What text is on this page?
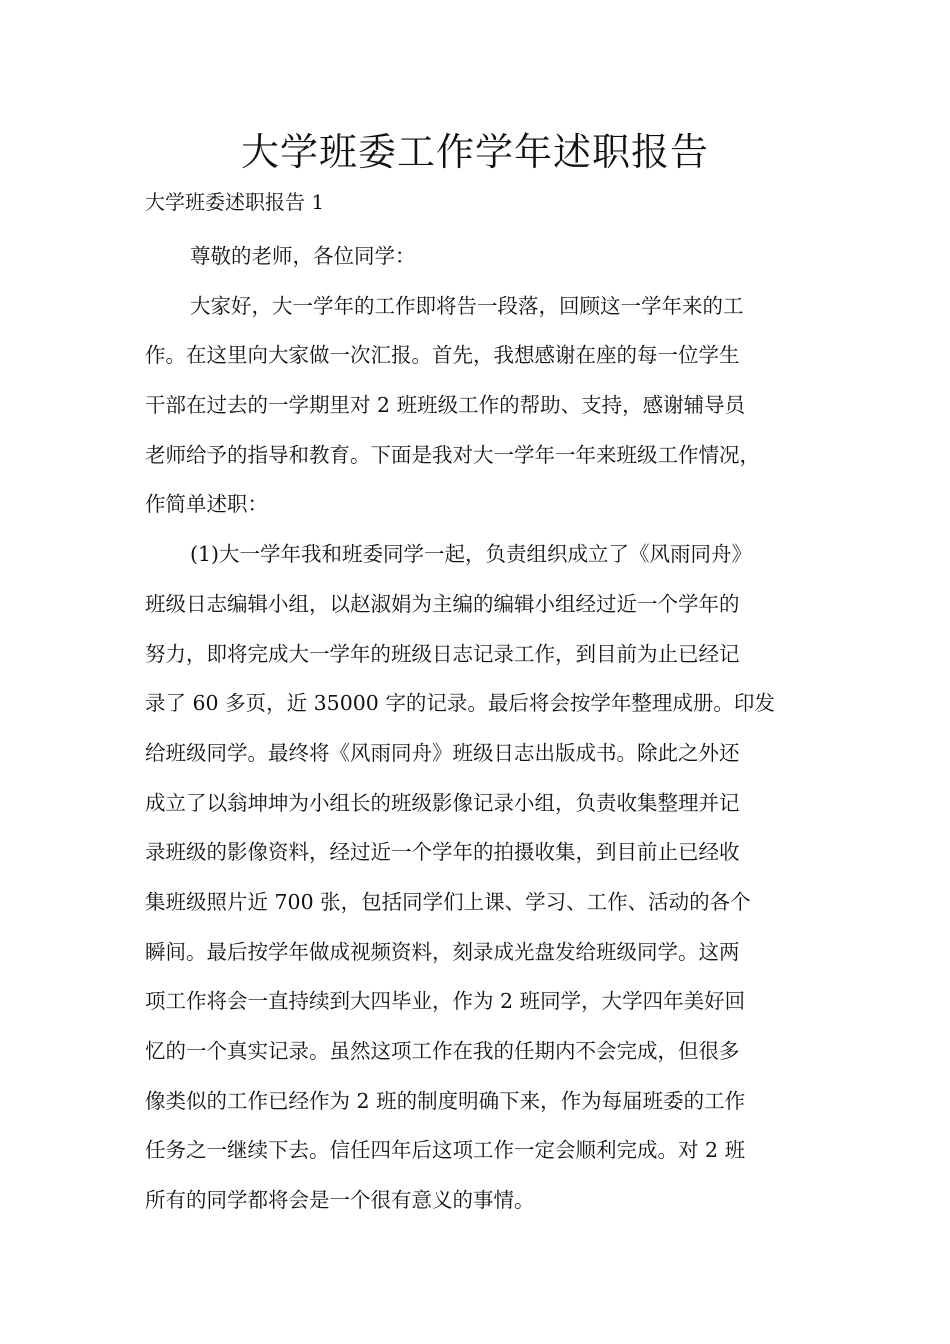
大学班委工作学年述职报告
大学班委述职报告 1
尊敬的老师，各位同学：
大家好，大一学年的工作即将告一段落，回顾这一学年来的工
作。在这里向大家做一次汇报。首先，我想感谢在座的每一位学生
干部在过去的一学期里对 2 班班级工作的帮助、支持，感谢辅导员
老师给予的指导和教育。下面是我对大一学年一年来班级工作情况，
作简单述职：
(1)大一学年我和班委同学一起，负责组织成立了《风雨同舟》
班级日志编辑小组，以赵淑娟为主编的编辑小组经过近一个学年的
努力，即将完成大一学年的班级日志记录工作，到目前为止已经记
录了 60 多页，近 35000 字的记录。最后将会按学年整理成册。印发
给班级同学。最终将《风雨同舟》班级日志出版成书。除此之外还
成立了以翁坤坤为小组长的班级影像记录小组，负责收集整理并记
录班级的影像资料，经过近一个学年的拍摄收集，到目前止已经收
集班级照片近 700 张，包括同学们上课、学习、工作、活动的各个
瞬间。最后按学年做成视频资料，刻录成光盘发给班级同学。这两
项工作将会一直持续到大四毕业，作为 2 班同学，大学四年美好回
忆的一个真实记录。虽然这项工作在我的任期内不会完成，但很多
像类似的工作已经作为 2 班的制度明确下来，作为每届班委的工作
任务之一继续下去。信任四年后这项工作一定会顺利完成。对 2 班
所有的同学都将会是一个很有意义的事情。
